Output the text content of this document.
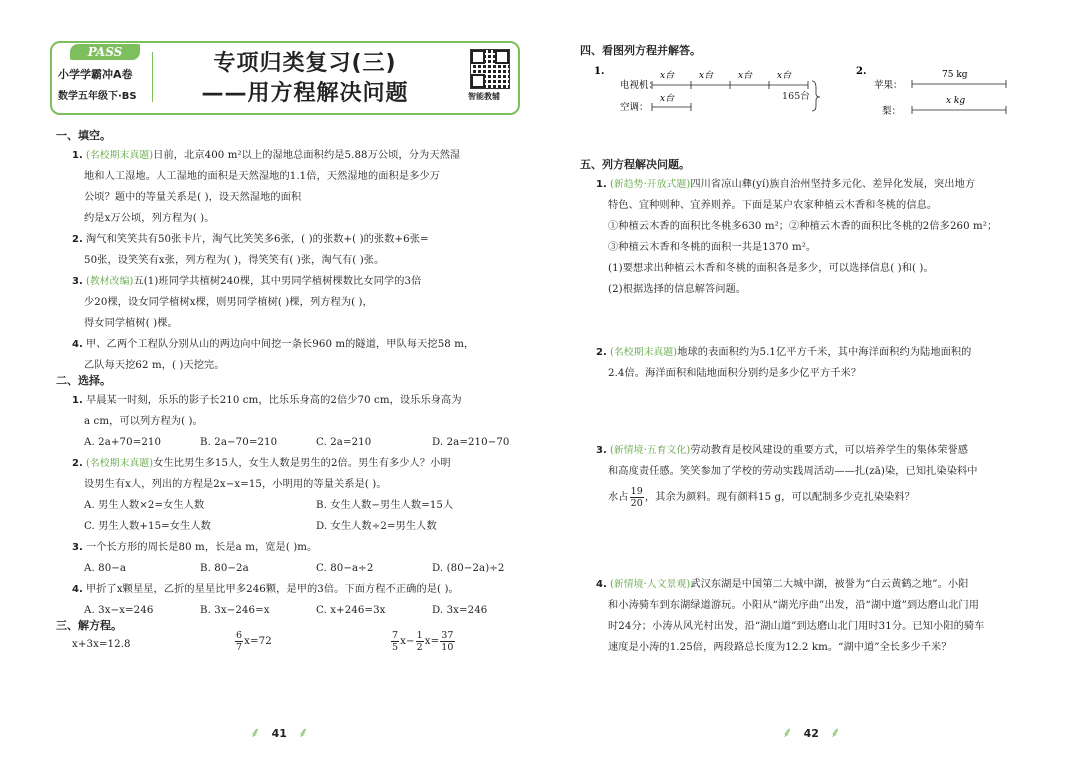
PASS
小学学霸冲A卷
数学五年级下·BS
专项归类复习(三)
——用方程解决问题	智能教辅
一、填空。
1. (名校期末真题)日前，北京400 m²以上的湿地总面积约是5.88万公顷，分为天然湿
地和人工湿地。人工湿地的面积是天然湿地的1.1倍，天然湿地的面积是多少万
公顷？题中的等量关系是( )，设天然湿地的面积
约是x万公顷，列方程为( )。
2. 淘气和笑笑共有50张卡片，淘气比笑笑多6张，( )的张数+( )的张数+6张=
50张，设笑笑有x张，列方程为( )，得笑笑有( )张，淘气有( )张。
3. (教材改编)五(1)班同学共植树240棵，其中男同学植树棵数比女同学的3倍
少20棵，设女同学植树x棵，则男同学植树( )棵，列方程为( )，
得女同学植树( )棵。
4. 甲、乙两个工程队分别从山的两边向中间挖一条长960 m的隧道，甲队每天挖58 m，
乙队每天挖62 m，( )天挖完。
二、选择。
1. 早晨某一时刻，乐乐的影子长210 cm，比乐乐身高的2倍少70 cm，设乐乐身高为
a cm，可以列方程为( )。
A. 2a+70=210	B. 2a−70=210	C. 2a=210	D. 2a=210−70
2. (名校期末真题)女生比男生多15人，女生人数是男生的2倍。男生有多少人？小明
设男生有x人，列出的方程是2x−x=15，小明用的等量关系是( )。
A. 男生人数×2=女生人数	B. 女生人数−男生人数=15人
C. 男生人数+15=女生人数	D. 女生人数÷2=男生人数
3. 一个长方形的周长是80 m，长是a m，宽是( )m。
A. 80−a	B. 80−2a	C. 80−a÷2	D. (80−2a)÷2
4. 甲折了x颗星星，乙折的星星比甲多246颗，是甲的3倍。下面方程不正确的是( )。
A. 3x−x=246	B. 3x−246=x	C. x+246=3x	D. 3x=246
三、解方程。
x+3x=12.8	$\frac{6}{7} x=72$	$\frac{7}{5} x- \frac{1}{2} x= \frac{37}{10}$
⸙ 41 ⸙
四、看图列方程并解答。
1.
电视机：
空调：
x台	x台	x台	x台
x台	165台
2.
苹果：
梨：
75 kg
x kg
五、列方程解决问题。
1. (新趋势·开放式题)四川省凉山彝(yí)族自治州坚持多元化、差异化发展，突出地方
特色、宜种则种、宜养则养。下面是某户农家种植云木香和冬桃的信息。
①种植云木香的面积比冬桃多630 m²；②种植云木香的面积比冬桃的2倍多260 m²；
③种植云木香和冬桃的面积一共是1370 m²。
(1)要想求出种植云木香和冬桃的面积各是多少，可以选择信息( )和( )。
(2)根据选择的信息解答问题。
2. (名校期末真题)地球的表面积约为5.1亿平方千米，其中海洋面积约为陆地面积的
2.4倍。海洋面积和陆地面积分别约是多少亿平方千米？
3. (新情境·五育文化)劳动教育是校风建设的重要方式，可以培养学生的集体荣誉感
和高度责任感。笑笑参加了学校的劳动实践周活动——扎(zā)染，已知扎染染料中
水占 $\frac{19}{20}$ ，其余为颜料。现有颜料15 g，可以配制多少克扎染染料？
4. (新情境·人文景观)武汉东湖是中国第二大城中湖，被誉为“白云黄鹤之地”。小阳
和小涛骑车到东湖绿道游玩。小阳从“湖光序曲”出发，沿“湖中道”到达磨山北门用
时24分；小涛从风光村出发，沿“湖山道”到达磨山北门用时31分。已知小阳的骑车
速度是小涛的1.25倍，两段路总长度为12.2 km。“湖中道”全长多少千米？
⸙ 42 ⸙
